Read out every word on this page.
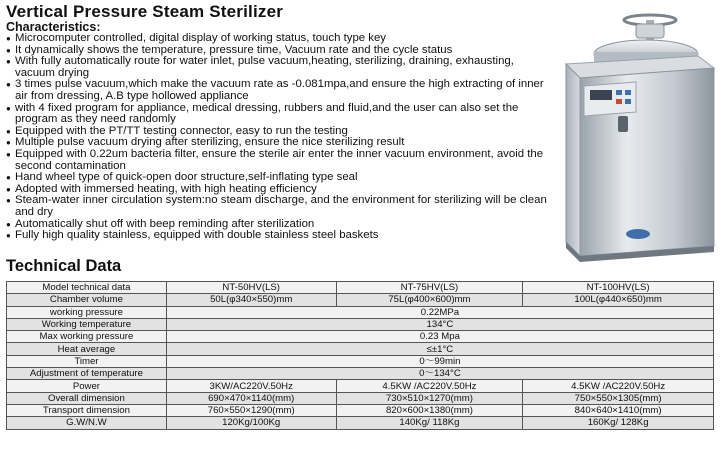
Vertical Pressure Steam Sterilizer
Characteristics:
● Microcomputer controlled, digital display of working status, touch type key
● It dynamically shows the temperature, pressure time, Vacuum rate and the cycle status
● With fully automatically route for water inlet, pulse vacuum,heating, sterilizing, draining, exhausting, vacuum drying
● 3 times pulse vacuum,which make the vacuum rate as -0.081mpa,and ensure the high extracting of inner air from dressing, A.B type hollowed appliance
● with 4 fixed program for appliance, medical dressing, rubbers and fluid,and the user can also set the program as they need randomly
● Equipped with the PT/TT testing connector, easy to run the testing
● Multiple pulse vacuum drying after sterilizing, ensure the nice sterilizing result
● Equipped with 0.22um bacteria filter, ensure the sterile air enter the inner vacuum environment, avoid the second contamination
● Hand wheel type of quick-open door structure,self-inflating type seal
● Adopted with immersed heating, with high heating efficiency
● Steam-water inner circulation system:no steam discharge, and the environment for sterilizing will be clean and dry
● Automatically shut off with beep reminding after sterilization
● Fully high quality stainless, equipped with double stainless steel baskets
Technical Data
Model technical data	NT-50HV(LS)	NT-75HV(LS)	NT-100HV(LS)
Chamber volume	50L(φ340×550)mm	75L(φ400×600)mm	100L(φ440×650)mm
working pressure	0.22MPa		
Working temperature	134°C		
Max working pressure	0.23 Mpa		
Heat average	≤±1°C		
Timer	0～99min		
Adjustment of temperature	0～134°C		
Power	3KW/AC220V.50Hz	4.5KW /AC220V.50Hz	4.5KW /AC220V.50Hz
Overall dimension	690×470×1140(mm)	730×510×1270(mm)	750×550×1305(mm)
Transport dimension	760×550×1290(mm)	820×600×1380(mm)	840×640×1410(mm)
G.W/N.W	120Kg/100Kg	140Kg/ 118Kg	160Kg/ 128Kg
